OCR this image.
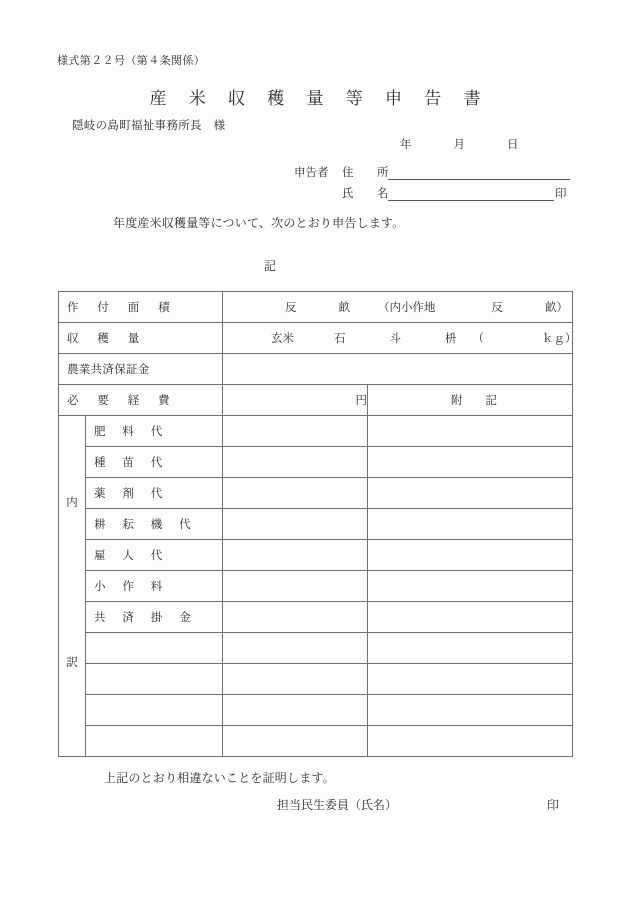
様式第２２号（第４条関係）
産 米 収 穫 量 等 申 告 書
隠岐の島町福祉事務所長　様
年	月	日
申告者	住　所
氏　名	印
年度産米収穫量等について、次のとおり申告します。
記
作 付 面 積		反 畝 （内小作地 反 畝）	

収 穫 量		玄米 石 斗 枡 （ ｋｇ）	

農業共済保証金			
必 要 経 費		円	附　　記

内
訳	肥 料 代		
	種 苗 代		
	薬 剤 代		
	耕 耘 機 代		
	雇 人 代		
	小 作 料		
	共 済 掛 金		

上記のとおり相違ないことを証明します。
担当民生委員（氏名）	印
